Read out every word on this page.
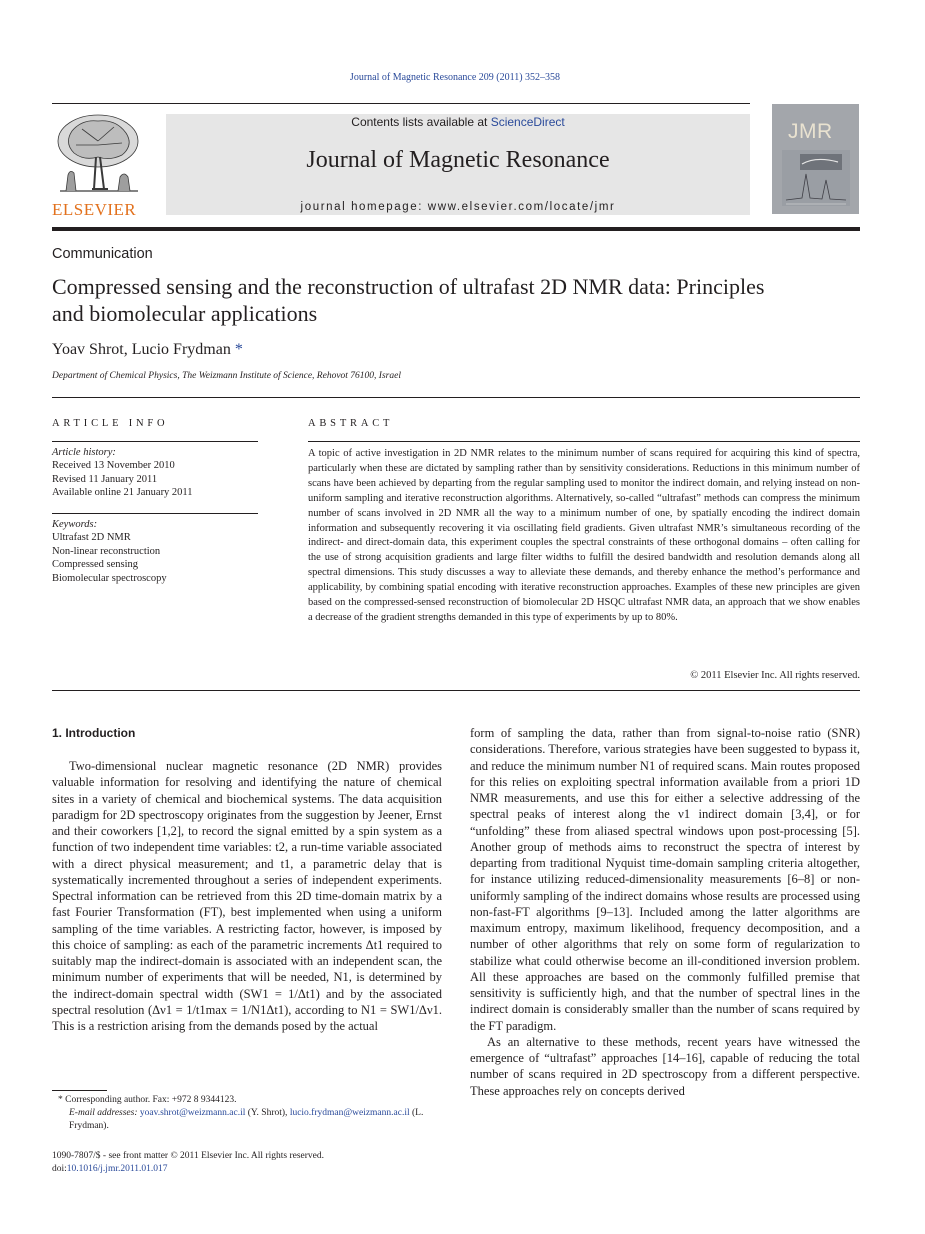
Journal of Magnetic Resonance 209 (2011) 352–358
ELSEVIER
Contents lists available at ScienceDirect
Journal of Magnetic Resonance
journal homepage: www.elsevier.com/locate/jmr
JMR
Communication
Compressed sensing and the reconstruction of ultrafast 2D NMR data: Principles
and biomolecular applications
Yoav Shrot, Lucio Frydman *
Department of Chemical Physics, The Weizmann Institute of Science, Rehovot 76100, Israel
ARTICLE INFO
Article history:
Received 13 November 2010
Revised 11 January 2011
Available online 21 January 2011
Keywords:
Ultrafast 2D NMR
Non-linear reconstruction
Compressed sensing
Biomolecular spectroscopy
ABSTRACT
A topic of active investigation in 2D NMR relates to the minimum number of scans required for acquiring this kind of spectra, particularly when these are dictated by sampling rather than by sensitivity considerations. Reductions in this minimum number of scans have been achieved by departing from the regular sampling used to monitor the indirect domain, and relying instead on non-uniform sampling and iterative reconstruction algorithms. Alternatively, so-called “ultrafast” methods can compress the minimum number of scans involved in 2D NMR all the way to a minimum number of one, by spatially encoding the indirect domain information and subsequently recovering it via oscillating field gradients. Given ultrafast NMR’s simultaneous recording of the indirect- and direct-domain data, this experiment couples the spectral constraints of these orthogonal domains – often calling for the use of strong acquisition gradients and large filter widths to fulfill the desired bandwidth and resolution demands along all spectral dimensions. This study discusses a way to alleviate these demands, and thereby enhance the method’s performance and applicability, by combining spatial encoding with iterative reconstruction approaches. Examples of these new principles are given based on the compressed-sensed reconstruction of biomolecular 2D HSQC ultrafast NMR data, an approach that we show enables a decrease of the gradient strengths demanded in this type of experiments by up to 80%.
© 2011 Elsevier Inc. All rights reserved.
1. Introduction

Two-dimensional nuclear magnetic resonance (2D NMR) provides valuable information for resolving and identifying the nature of chemical sites in a variety of chemical and biochemical systems. The data acquisition paradigm for 2D spectroscopy originates from the suggestion by Jeener, Ernst and their coworkers [1,2], to record the signal emitted by a spin system as a function of two independent time variables: t2, a run-time variable associated with a direct physical measurement; and t1, a parametric delay that is systematically incremented throughout a series of independent experiments. Spectral information can be retrieved from this 2D time-domain matrix by a fast Fourier Transformation (FT), best implemented when using a uniform sampling of the time variables. A restricting factor, however, is imposed by this choice of sampling: as each of the parametric increments Δt1 required to suitably map the indirect-domain is associated with an independent scan, the minimum number of experiments that will be needed, N1, is determined by the indirect-domain spectral width (SW1 = 1/Δt1) and by the associated spectral resolution (Δν1 = 1/t1max = 1/N1Δt1), according to N1 = SW1/Δν1. This is a restriction arising from the demands posed by the actual

form of sampling the data, rather than from signal-to-noise ratio (SNR) considerations. Therefore, various strategies have been suggested to bypass it, and reduce the minimum number N1 of required scans. Main routes proposed for this relies on exploiting spectral information available from a priori 1D NMR measurements, and use this for either a selective addressing of the spectral peaks of interest along the ν1 indirect domain [3,4], or for “unfolding” these from aliased spectral windows upon post-processing [5]. Another group of methods aims to reconstruct the spectra of interest by departing from traditional Nyquist time-domain sampling criteria altogether, for instance utilizing reduced-dimensionality measurements [6–8] or non-uniformly sampling of the indirect domains whose results are processed using non-fast-FT algorithms [9–13]. Included among the latter algorithms are maximum entropy, maximum likelihood, frequency decomposition, and a number of other algorithms that rely on some form of regularization to stabilize what could otherwise become an ill-conditioned inversion problem. All these approaches are based on the commonly fulfilled premise that sensitivity is sufficiently high, and that the number of spectral lines in the indirect domain is considerably smaller than the number of scans required by the FT paradigm.

As an alternative to these methods, recent years have witnessed the emergence of “ultrafast” approaches [14–16], capable of reducing the total number of scans required in 2D spectroscopy from a different perspective. These approaches rely on concepts derived

* Corresponding author. Fax: +972 8 9344123.
E-mail addresses: yoav.shrot@weizmann.ac.il (Y. Shrot), lucio.frydman@weizmann.ac.il (L. Frydman).
1090-7807/$ - see front matter © 2011 Elsevier Inc. All rights reserved.
doi:10.1016/j.jmr.2011.01.017
